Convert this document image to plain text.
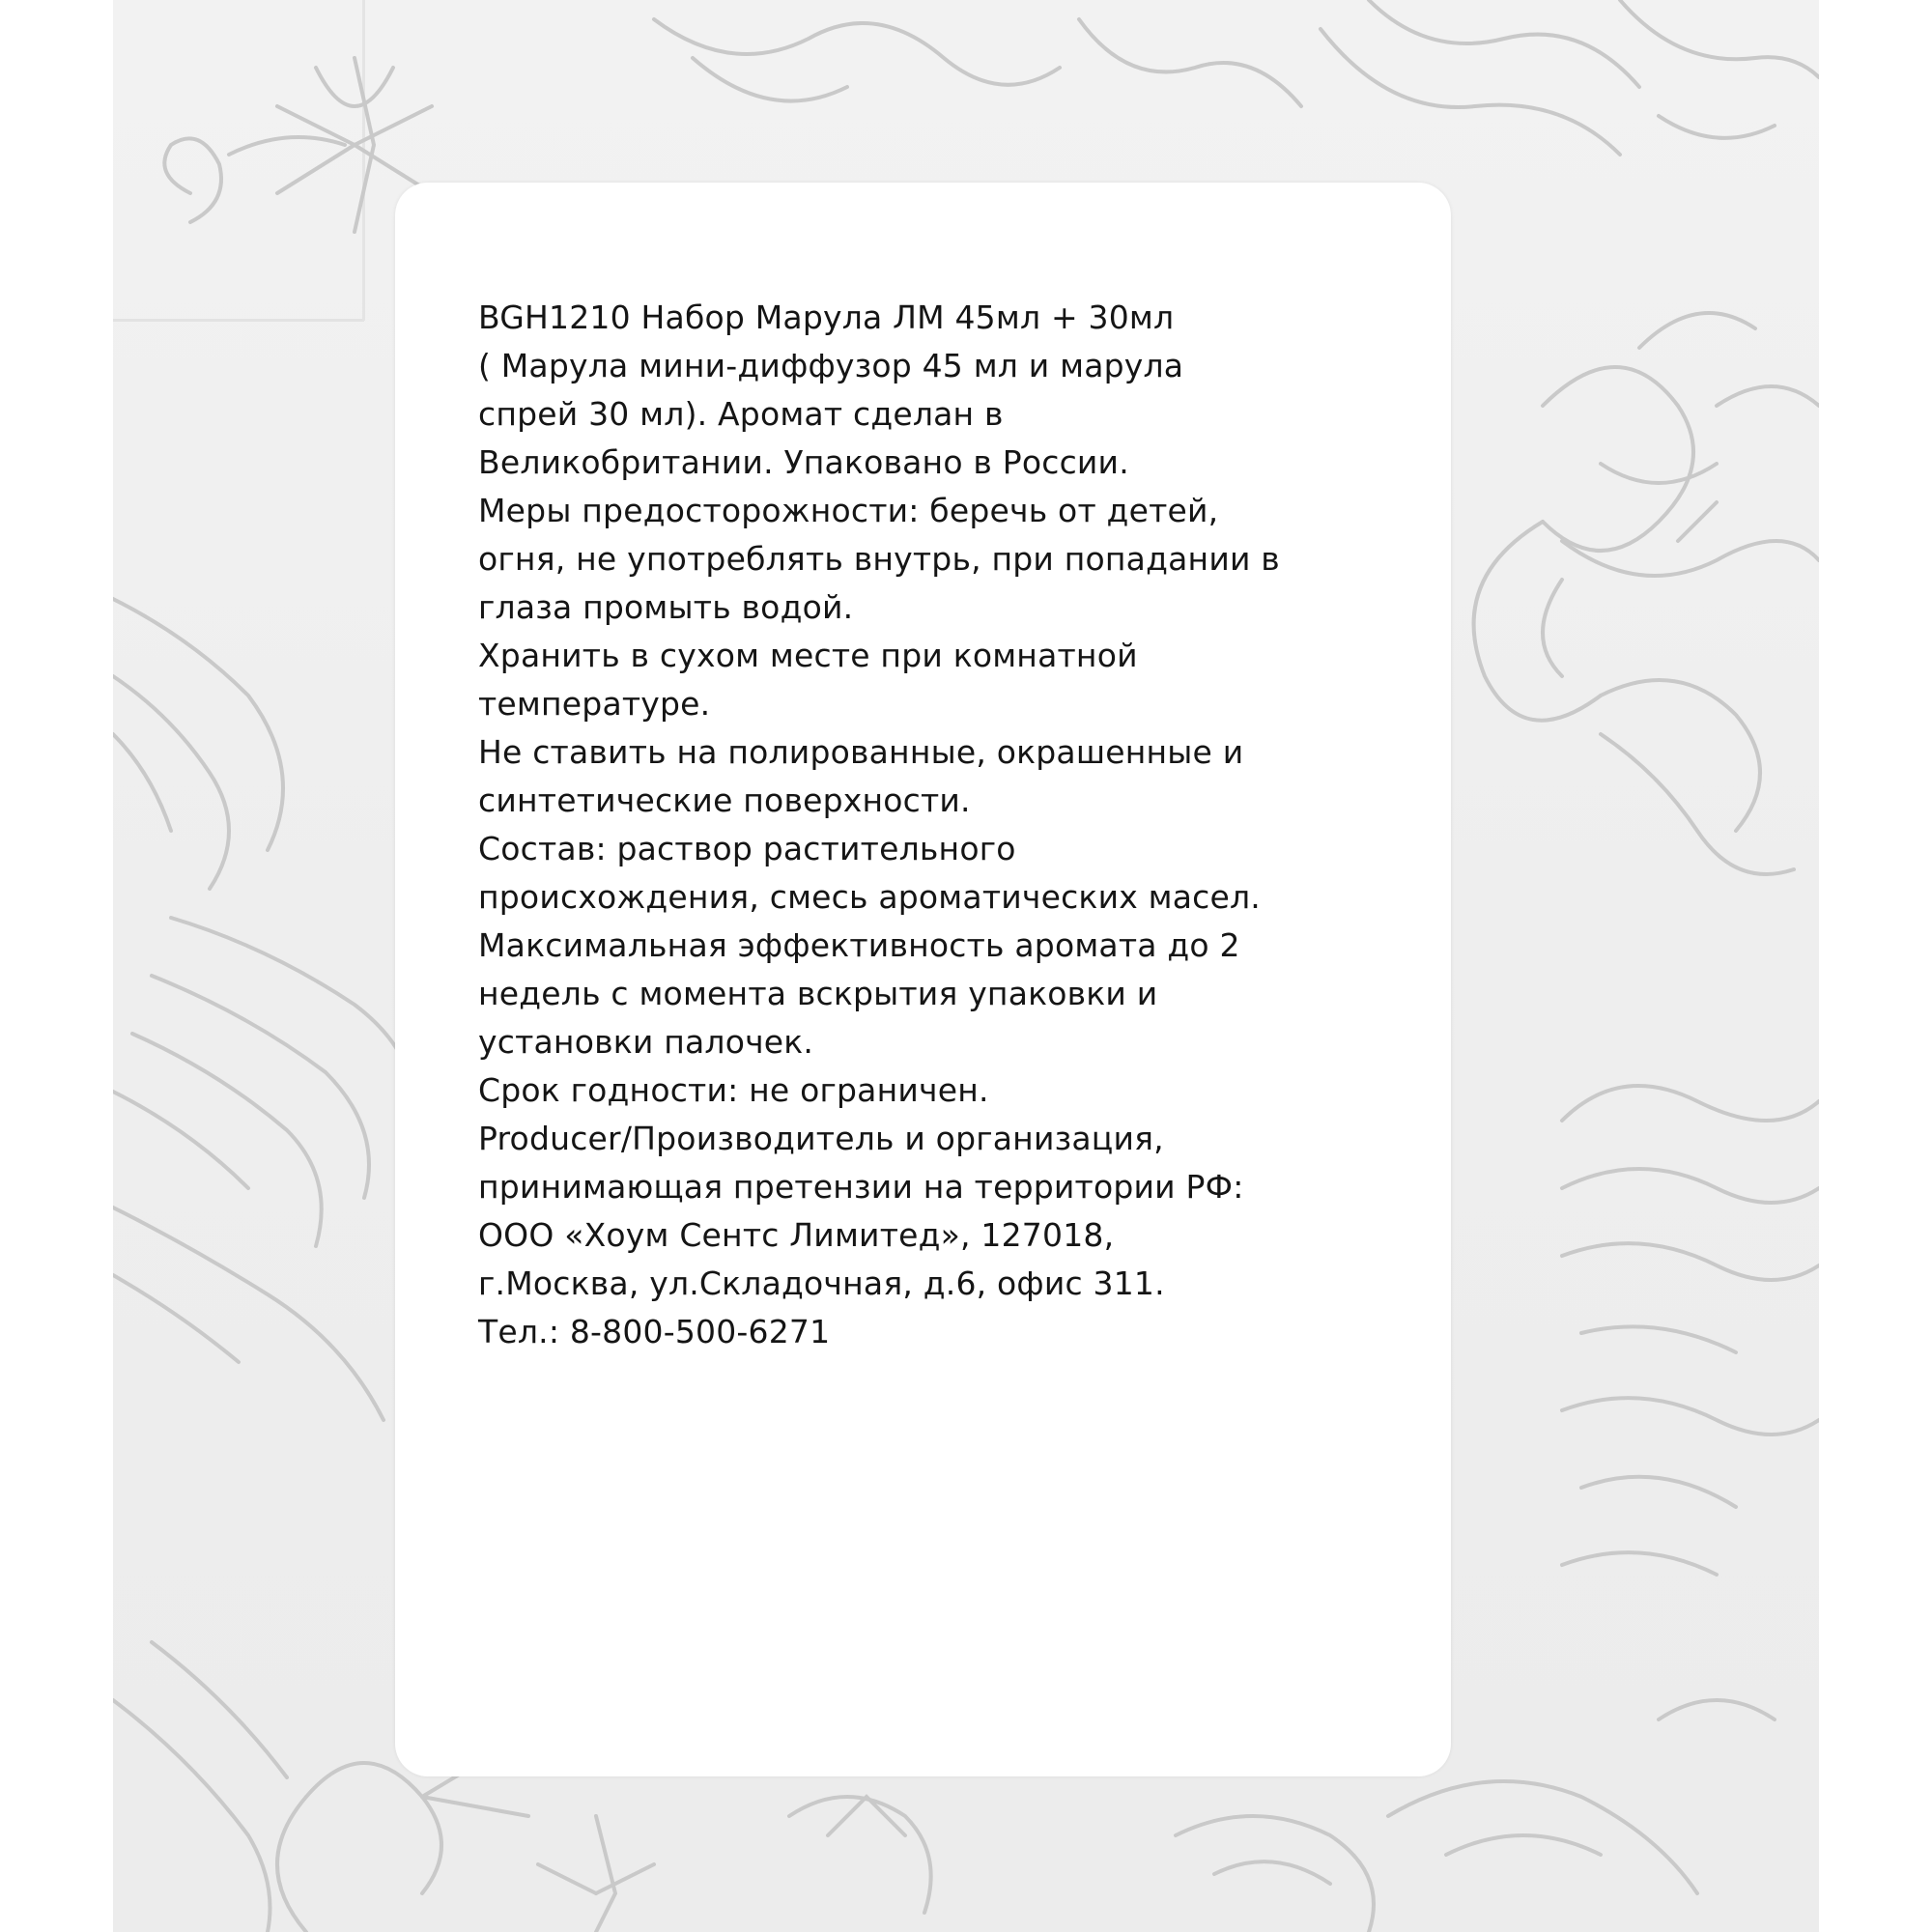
BGH1210 Набор Марула ЛМ 45мл + 30мл
( Марула мини-диффузор 45 мл и марула
спрей 30 мл). Аромат сделан в
Великобритании. Упаковано в России.
Меры предосторожности: беречь от детей,
огня, не употреблять внутрь, при попадании в
глаза промыть водой.
Хранить в сухом месте при комнатной
температуре.
Не ставить на полированные, окрашенные и
синтетические поверхности.
Состав: раствор растительного
происхождения, смесь ароматических масел.
Максимальная эффективность аромата до 2
недель с момента вскрытия упаковки и
установки палочек.
Срок годности: не ограничен.
Producer/Производитель и организация,
принимающая претензии на территории РФ:
ООО «Хоум Сентс Лимитед», 127018,
г.Москва, ул.Складочная, д.6, офис 311.
Тел.: 8-800-500-6271
